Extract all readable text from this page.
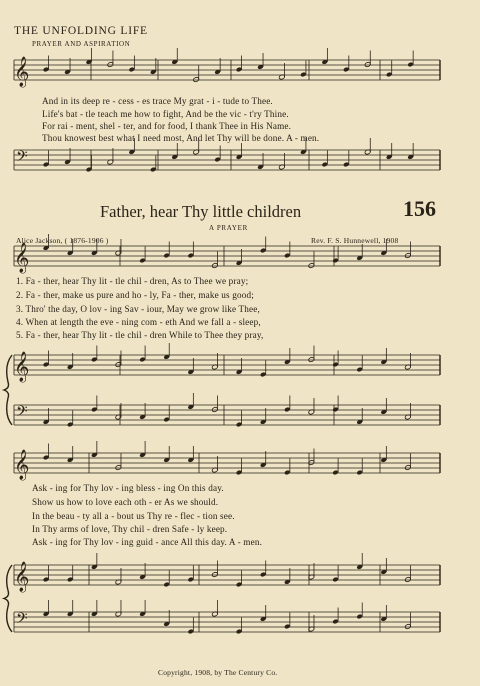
THE UNFOLDING LIFE
PRAYER AND ASPIRATION
𝄞
𝄢
𝄞
𝄞
𝄢
𝄞
𝄞
𝄢
And in its deep re - cess - es trace My grat - i - tude to Thee.
Life's bat - tle teach me how to fight, And be the vic - t'ry Thine.
For rai - ment, shel - ter, and for food, I thank Thee in His Name.
Thou knowest best what I need most, And let Thy will be done. A - men.
Father, hear Thy little children	156
A PRAYER
Alice Jackson, ( 1876-1906 )	Rev. F. S. Hunnewell, 1908
1. Fa - ther, hear Thy lit - tle chil - dren, As to Thee we pray;
2. Fa - ther, make us pure and ho - ly, Fa - ther, make us good;
3. Thro' the day, O lov - ing Sav - iour, May we grow like Thee,
4. When at length the eve - ning com - eth And we fall a - sleep,
5. Fa - ther, hear Thy lit - tle chil - dren While to Thee they pray,
Ask - ing for Thy lov - ing bless - ing On this day.
Show us how to love each oth - er As we should.
In the beau - ty all a - bout us Thy re - flec - tion see.
In Thy arms of love, Thy chil - dren Safe - ly keep.
Ask - ing for Thy lov - ing guid - ance All this day. A - men.
Copyright, 1908, by The Century Co.
